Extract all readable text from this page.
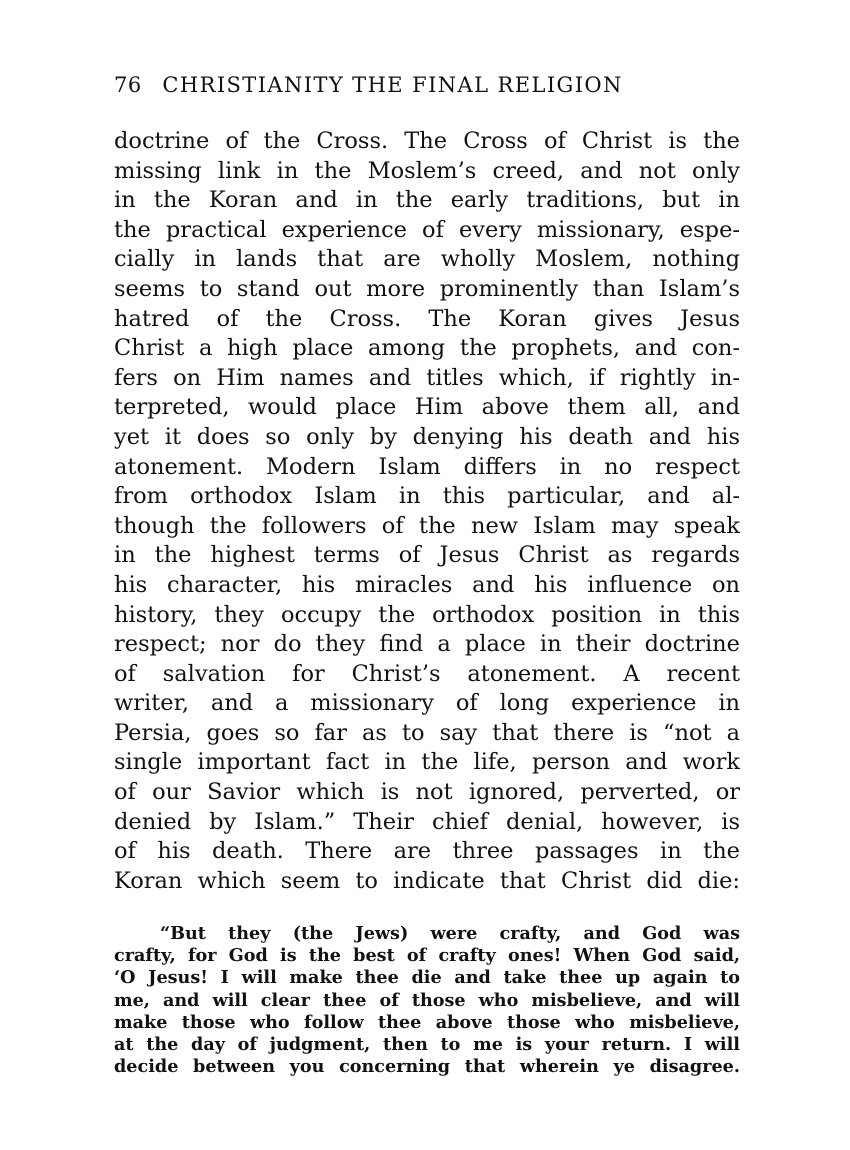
76 CHRISTIANITY THE FINAL RELIGION
doctrine of the Cross. The Cross of Christ is the
missing link in the Moslem’s creed, and not only
in the Koran and in the early traditions, but in
the practical experience of every missionary, espe-
cially in lands that are wholly Moslem, nothing
seems to stand out more prominently than Islam’s
hatred of the Cross. The Koran gives Jesus
Christ a high place among the prophets, and con-
fers on Him names and titles which, if rightly in-
terpreted, would place Him above them all, and
yet it does so only by denying his death and his
atonement. Modern Islam differs in no respect
from orthodox Islam in this particular, and al-
though the followers of the new Islam may speak
in the highest terms of Jesus Christ as regards
his character, his miracles and his influence on
history, they occupy the orthodox position in this
respect; nor do they find a place in their doctrine
of salvation for Christ’s atonement. A recent
writer, and a missionary of long experience in
Persia, goes so far as to say that there is “not a
single important fact in the life, person and work
of our Savior which is not ignored, perverted, or
denied by Islam.” Their chief denial, however, is
of his death. There are three passages in the
Koran which seem to indicate that Christ did die:
“But they (the Jews) were crafty, and God was
crafty, for God is the best of crafty ones! When God said,
‘O Jesus! I will make thee die and take thee up again to
me, and will clear thee of those who misbelieve, and will
make those who follow thee above those who misbelieve,
at the day of judgment, then to me is your return. I will
decide between you concerning that wherein ye disagree.
